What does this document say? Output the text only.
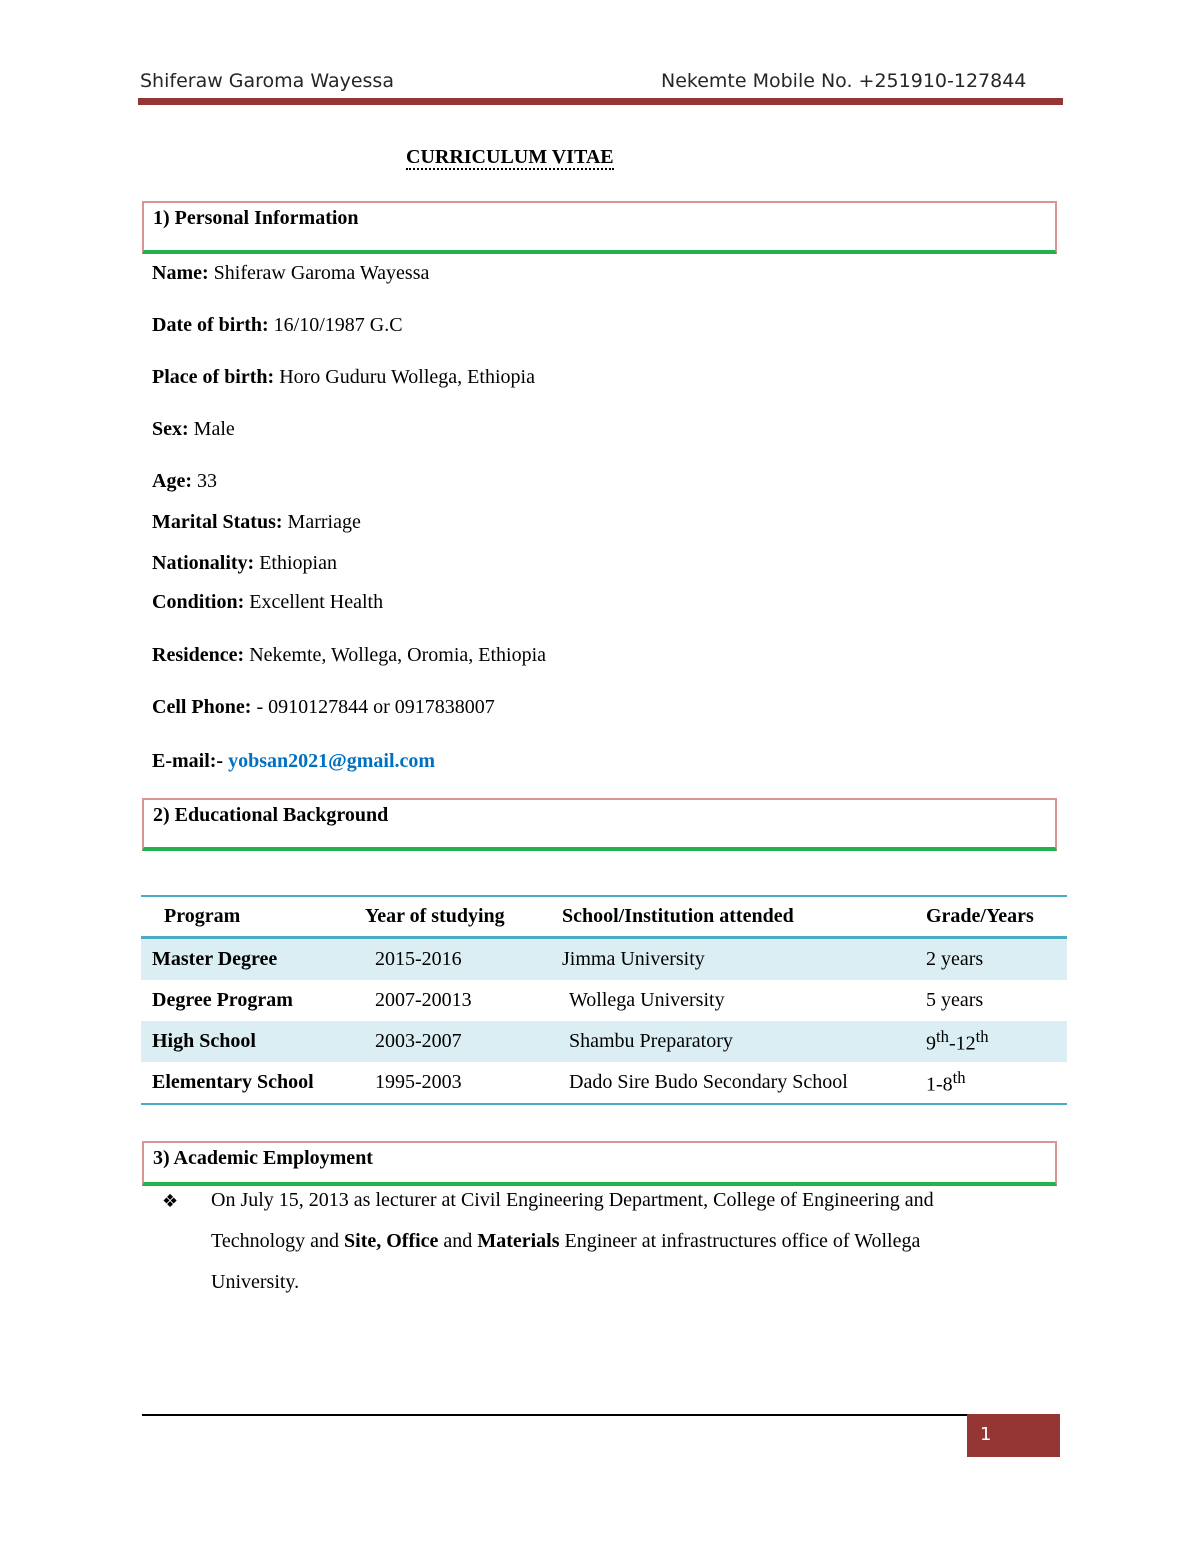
Shiferaw Garoma Wayessa	Nekemte Mobile No. +251910-127844
CURRICULUM VITAE
1) Personal Information
Name: Shiferaw Garoma Wayessa
Date of birth: 16/10/1987 G.C
Place of birth: Horo Guduru Wollega, Ethiopia
Sex: Male
Age: 33
Marital Status: Marriage
Nationality: Ethiopian
Condition: Excellent Health
Residence: Nekemte, Wollega, Oromia, Ethiopia
Cell Phone: - 0910127844 or 0917838007
E-mail:- yobsan2021@gmail.com
2) Educational Background
Program	Year of studying	School/Institution attended	Grade/Years
Master Degree	2015-2016	Jimma University	2 years
Degree Program	2007-20013	Wollega University	5 years
High School	2003-2007	Shambu Preparatory	9th-12th
Elementary School	1995-2003	Dado Sire Budo Secondary School	1-8th
3) Academic Employment
❖ On July 15, 2013 as lecturer at Civil Engineering Department, College of Engineering and
Technology and Site, Office and Materials Engineer at infrastructures office of Wollega
University.
1
